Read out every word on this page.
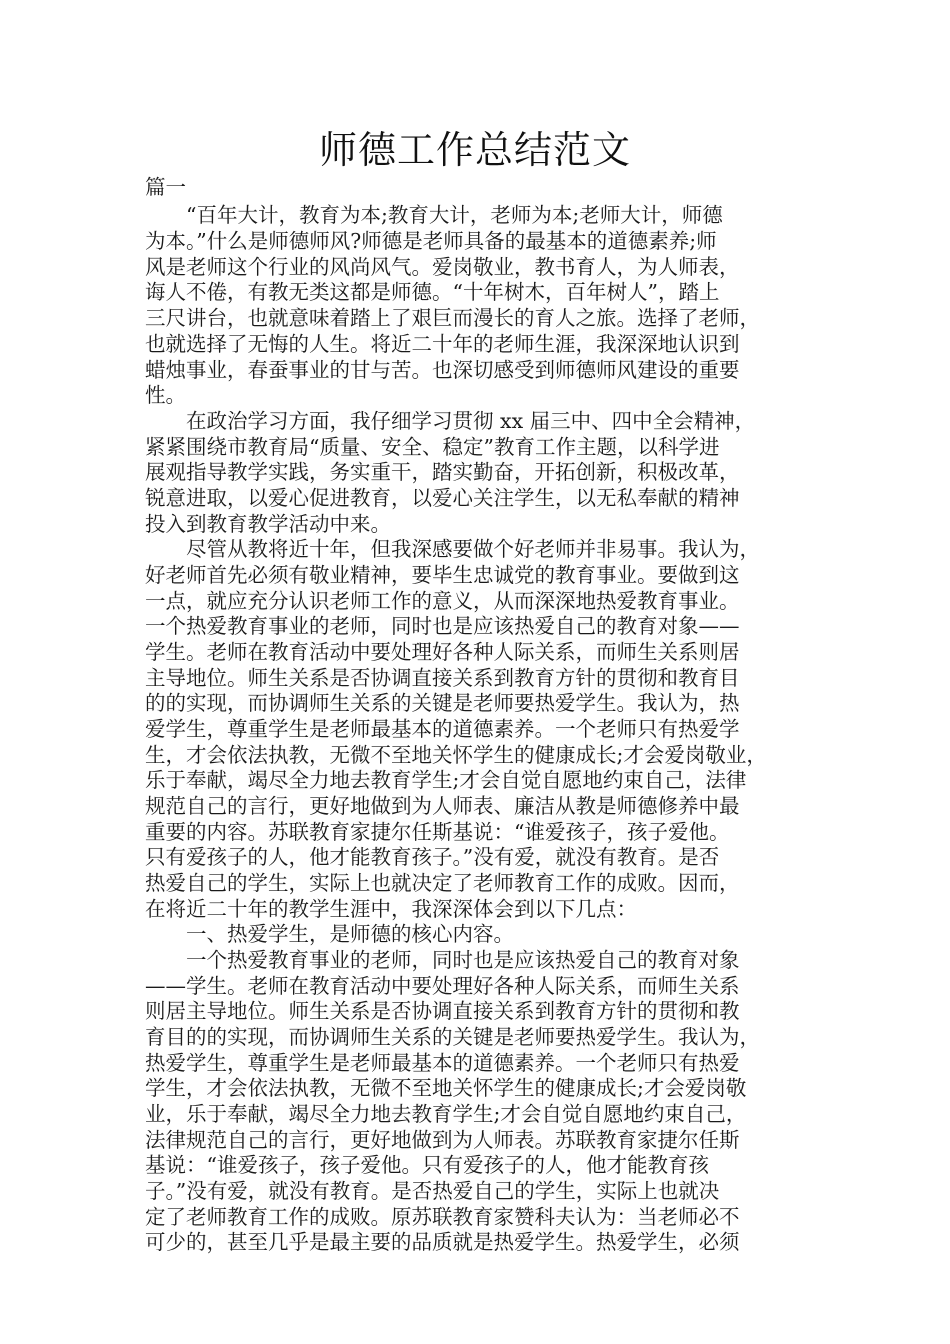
师德工作总结范文

篇一

“百年大计，教育为本;教育大计，老师为本;老师大计，师德

为本。”什么是师德师风?师德是老师具备的最基本的道德素养;师

风是老师这个行业的风尚风气。爱岗敬业，教书育人，为人师表，

诲人不倦，有教无类这都是师德。“十年树木，百年树人”，踏上

三尺讲台，也就意味着踏上了艰巨而漫长的育人之旅。选择了老师，

也就选择了无悔的人生。将近二十年的老师生涯，我深深地认识到

蜡烛事业，春蚕事业的甘与苦。也深切感受到师德师风建设的重要

性。

在政治学习方面，我仔细学习贯彻 xx 届三中、四中全会精神，

紧紧围绕市教育局“质量、安全、稳定”教育工作主题，以科学进

展观指导教学实践，务实重干，踏实勤奋，开拓创新，积极改革，

锐意进取，以爱心促进教育，以爱心关注学生，以无私奉献的精神

投入到教育教学活动中来。

尽管从教将近十年，但我深感要做个好老师并非易事。我认为，

好老师首先必须有敬业精神，要毕生忠诚党的教育事业。要做到这

一点，就应充分认识老师工作的意义，从而深深地热爱教育事业。

一个热爱教育事业的老师，同时也是应该热爱自己的教育对象——

学生。老师在教育活动中要处理好各种人际关系，而师生关系则居

主导地位。师生关系是否协调直接关系到教育方针的贯彻和教育目

的的实现，而协调师生关系的关键是老师要热爱学生。我认为，热

爱学生，尊重学生是老师最基本的道德素养。一个老师只有热爱学

生，才会依法执教，无微不至地关怀学生的健康成长;才会爱岗敬业，

乐于奉献，竭尽全力地去教育学生;才会自觉自愿地约束自己，法律

规范自己的言行，更好地做到为人师表、廉洁从教是师德修养中最

重要的内容。苏联教育家捷尔任斯基说：“谁爱孩子，孩子爱他。

只有爱孩子的人，他才能教育孩子。”没有爱，就没有教育。是否

热爱自己的学生，实际上也就决定了老师教育工作的成败。因而，

在将近二十年的教学生涯中，我深深体会到以下几点：

一、热爱学生，是师德的核心内容。

一个热爱教育事业的老师，同时也是应该热爱自己的教育对象

——学生。老师在教育活动中要处理好各种人际关系，而师生关系

则居主导地位。师生关系是否协调直接关系到教育方针的贯彻和教

育目的的实现，而协调师生关系的关键是老师要热爱学生。我认为，

热爱学生，尊重学生是老师最基本的道德素养。一个老师只有热爱

学生，才会依法执教，无微不至地关怀学生的健康成长;才会爱岗敬

业，乐于奉献，竭尽全力地去教育学生;才会自觉自愿地约束自己，

法律规范自己的言行，更好地做到为人师表。苏联教育家捷尔任斯

基说：“谁爱孩子，孩子爱他。只有爱孩子的人，他才能教育孩

子。”没有爱，就没有教育。是否热爱自己的学生，实际上也就决

定了老师教育工作的成败。原苏联教育家赞科夫认为：当老师必不

可少的，甚至几乎是最主要的品质就是热爱学生。热爱学生，必须
